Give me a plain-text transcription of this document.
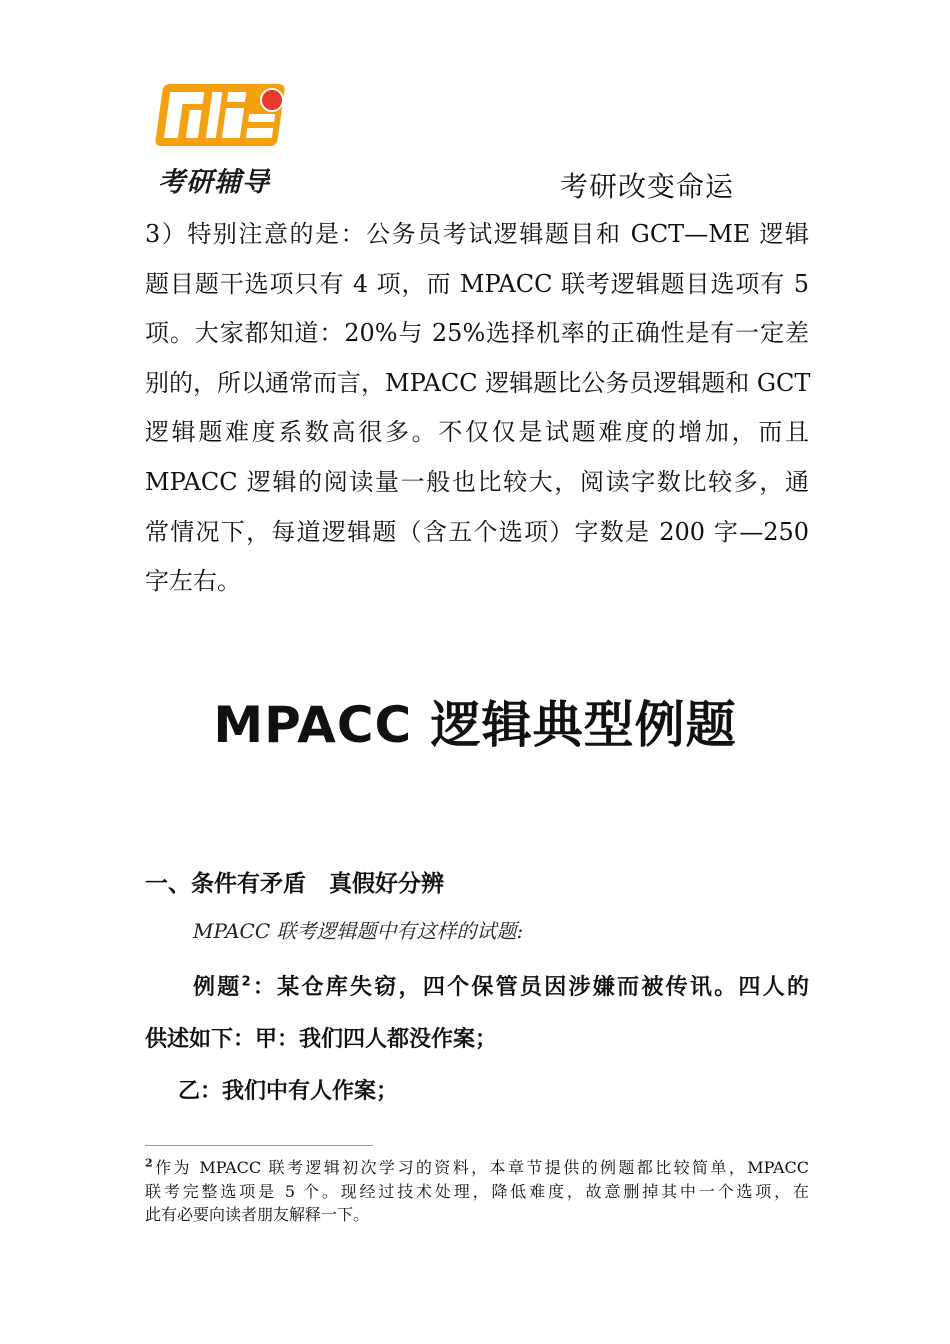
考研辅导	考研改变命运
3）特别注意的是：公务员考试逻辑题目和 GCT—ME 逻辑
题目题干选项只有 4 项，而 MPACC 联考逻辑题目选项有 5
项。大家都知道：20%与 25%选择机率的正确性是有一定差
别的，所以通常而言，MPACC 逻辑题比公务员逻辑题和 GCT
逻辑题难度系数高很多。不仅仅是试题难度的增加，而且
MPACC 逻辑的阅读量一般也比较大，阅读字数比较多，通
常情况下，每道逻辑题（含五个选项）字数是 200 字—250
字左右。
MPACC 逻辑典型例题
一、条件有矛盾　真假好分辨
MPACC 联考逻辑题中有这样的试题:
例题$^2$：某仓库失窃，四个保管员因涉嫌而被传讯。四人的
供述如下：甲：我们四人都没作案；
乙：我们中有人作案；
$^2$作为 MPACC 联考逻辑初次学习的资料，本章节提供的例题都比较简单，MPACC
联考完整选项是 5 个。现经过技术处理，降低难度，故意删掉其中一个选项，在
此有必要向读者朋友解释一下。
